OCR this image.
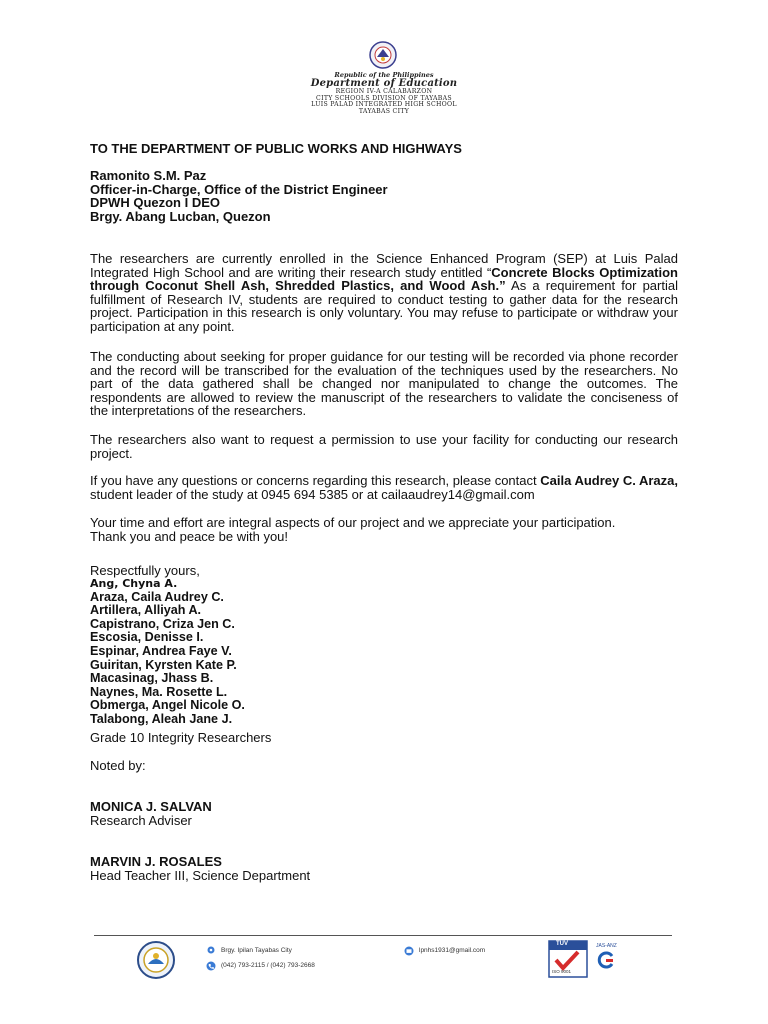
Republic of the Philippines
Department of Education
REGION IV-A CALABARZON
CITY SCHOOLS DIVISION OF TAYABAS
LUIS PALAD INTEGRATED HIGH SCHOOL
TAYABAS CITY
TO THE DEPARTMENT OF PUBLIC WORKS AND HIGHWAYS
Ramonito S.M. Paz
Officer-in-Charge, Office of the District Engineer
DPWH Quezon I DEO
Brgy. Abang Lucban, Quezon
The researchers are currently enrolled in the Science Enhanced Program (SEP) at Luis Palad Integrated High School and are writing their research study entitled “Concrete Blocks Optimization through Coconut Shell Ash, Shredded Plastics, and Wood Ash.” As a requirement for partial fulfillment of Research IV, students are required to conduct testing to gather data for the research project. Participation in this research is only voluntary. You may refuse to participate or withdraw your participation at any point.
The conducting about seeking for proper guidance for our testing will be recorded via phone recorder and the record will be transcribed for the evaluation of the techniques used by the researchers. No part of the data gathered shall be changed nor manipulated to change the outcomes. The respondents are allowed to review the manuscript of the researchers to validate the conciseness of the interpretations of the researchers.
The researchers also want to request a permission to use your facility for conducting our research project.
If you have any questions or concerns regarding this research, please contact Caila Audrey C. Araza, student leader of the study at 0945 694 5385 or at cailaaudrey14@gmail.com
Your time and effort are integral aspects of our project and we appreciate your participation.
Thank you and peace be with you!
Respectfully yours,
Ang, Chyna A.
Araza, Caila Audrey C.
Artillera, Alliyah A.
Capistrano, Criza Jen C.
Escosia, Denisse I.
Espinar, Andrea Faye V.
Guiritan, Kyrsten Kate P.
Macasinag, Jhass B.
Naynes, Ma. Rosette L.
Obmerga, Angel Nicole O.
Talabong, Aleah Jane J.
Grade 10 Integrity Researchers
Noted by:
MONICA J. SALVAN
Research Adviser
MARVIN J. ROSALES
Head Teacher III, Science Department
Brgy. Ipilan Tayabas City
(042) 793-2115 / (042) 793-2668
lpnhs1931@gmail.com
TÜV
ISO 9001
JAS-ANZ
